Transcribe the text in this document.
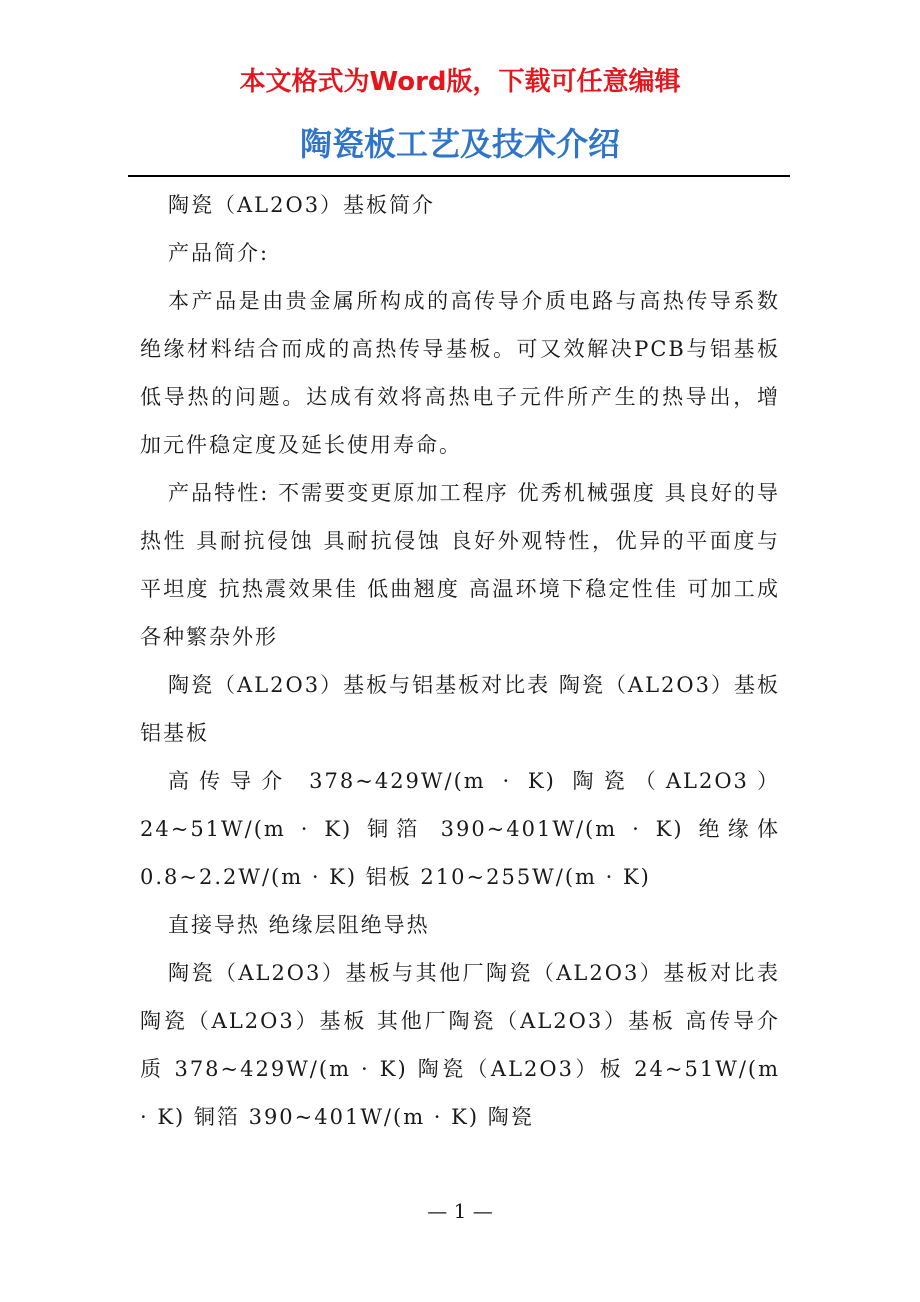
本文格式为Word版，下载可任意编辑
陶瓷板工艺及技术介绍

陶瓷（AL2O3）基板简介

产品简介:

本产品是由贵金属所构成的高传导介质电路与高热传导系数绝缘材料结合而成的高热传导基板。可又效解决PCB与铝基板低导热的问题。达成有效将高热电子元件所产生的热导出，增加元件稳定度及延长使用寿命。

产品特性: 不需要变更原加工程序 优秀机械强度 具良好的导热性 具耐抗侵蚀 具耐抗侵蚀 良好外观特性，优异的平面度与平坦度 抗热震效果佳 低曲翘度 高温环境下稳定性佳 可加工成各种繁杂外形

陶瓷（AL2O3）基板与铝基板对比表 陶瓷（AL2O3）基板 铝基板

高传导介 378~429W/(m · K) 陶瓷（AL2O3）24~51W/(m · K) 铜箔 390~401W/(m · K) 绝缘体 0.8~2.2W/(m · K) 铝板 210~255W/(m · K)

直接导热 绝缘层阻绝导热

陶瓷（AL2O3）基板与其他厂陶瓷（AL2O3）基板对比表 陶瓷（AL2O3）基板 其他厂陶瓷（AL2O3）基板 高传导介质 378~429W/(m · K) 陶瓷（AL2O3）板 24~51W/(m · K) 铜箔 390~401W/(m · K) 陶瓷

— 1 —
